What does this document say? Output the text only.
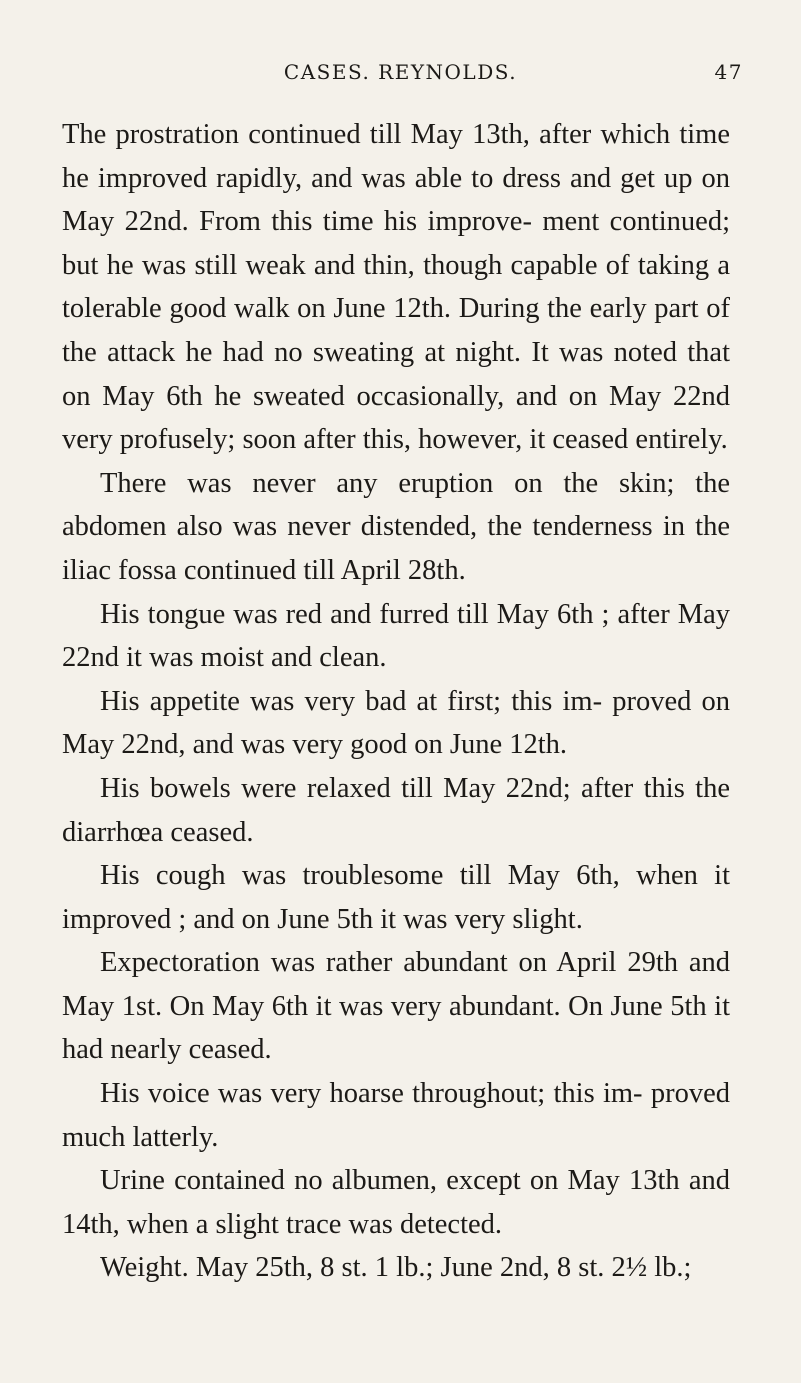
CASES. REYNOLDS.	47

The prostration continued till May 13th, after which time he improved rapidly, and was able to dress and get up on May 22nd. From this time his improve- ment continued; but he was still weak and thin, though capable of taking a tolerable good walk on June 12th. During the early part of the attack he had no sweating at night. It was noted that on May 6th he sweated occasionally, and on May 22nd very profusely; soon after this, however, it ceased entirely.

There was never any eruption on the skin; the abdomen also was never distended, the tenderness in the iliac fossa continued till April 28th.

His tongue was red and furred till May 6th ; after May 22nd it was moist and clean.

His appetite was very bad at first; this im- proved on May 22nd, and was very good on June 12th.

His bowels were relaxed till May 22nd; after this the diarrhœa ceased.

His cough was troublesome till May 6th, when it improved ; and on June 5th it was very slight.

Expectoration was rather abundant on April 29th and May 1st. On May 6th it was very abundant. On June 5th it had nearly ceased.

His voice was very hoarse throughout; this im- proved much latterly.

Urine contained no albumen, except on May 13th and 14th, when a slight trace was detected.

Weight. May 25th, 8 st. 1 lb.; June 2nd, 8 st. 2½ lb.;
